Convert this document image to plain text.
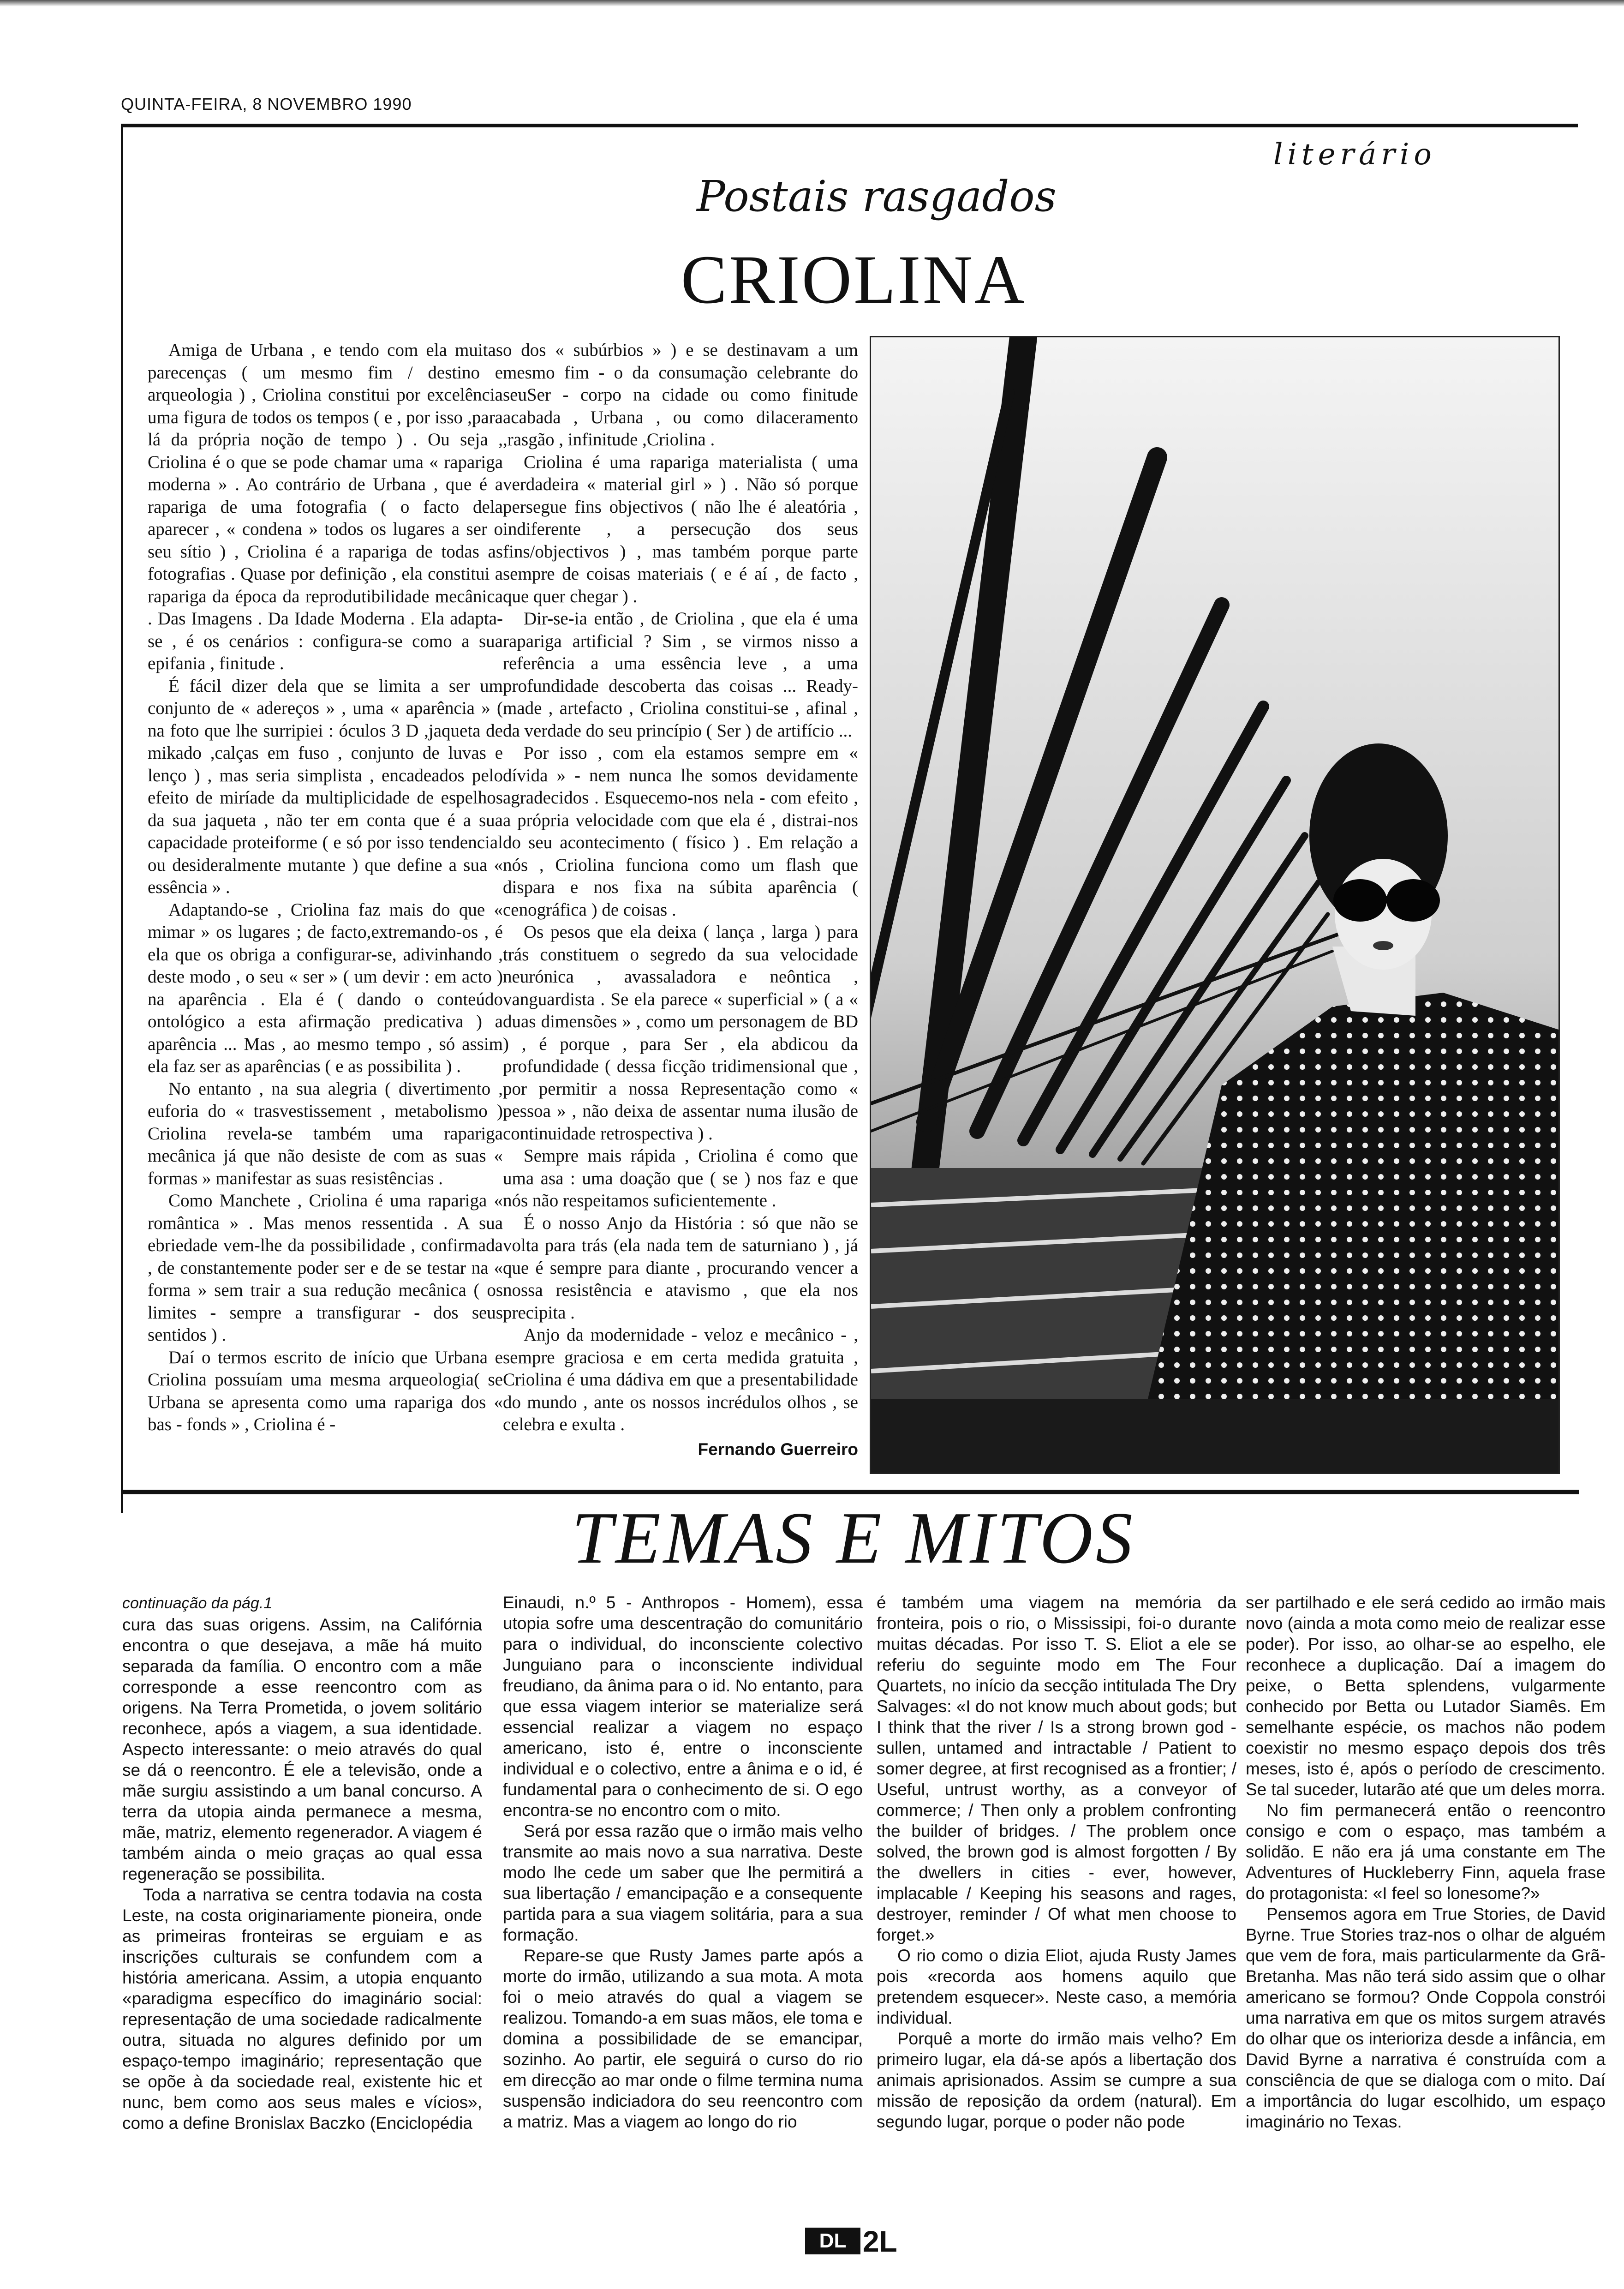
QUINTA-FEIRA, 8 NOVEMBRO 1990
literário
Postais rasgados
CRIOLINA

Amiga de Urbana , e tendo com ela muitas parecenças ( um mesmo fim / destino e arqueologia ) , Criolina constitui por excelência uma figura de todos os tempos ( e , por isso ,para lá da própria noção de tempo ) . Ou seja , Criolina é o que se pode chamar uma « rapariga moderna » . Ao contrário de Urbana , que é a rapariga de uma fotografia ( o facto dela aparecer , « condena » todos os lugares a ser o seu sítio ) , Criolina é a rapariga de todas as fotografias . Quase por definição , ela constitui a rapariga da época da reprodutibilidade mecânica . Das Imagens . Da Idade Moderna . Ela adapta-se , é os cenários : configura-se como a sua epifania , finitude .

É fácil dizer dela que se limita a ser um conjunto de « adereços » , uma « aparência » ( na foto que lhe surripiei : óculos 3 D ,jaqueta de mikado ,calças em fuso , conjunto de luvas e lenço ) , mas seria simplista , encadeados pelo efeito de miríade da multiplicidade de espelhos da sua jaqueta , não ter em conta que é a sua capacidade proteiforme ( e só por isso tendencial ou desideralmente mutante ) que define a sua « essência » .

Adaptando-se , Criolina faz mais do que « mimar » os lugares ; de facto,extremando-os , é ela que os obriga a configurar-se, adivinhando , deste modo , o seu « ser » ( um devir : em acto ) na aparência . Ela é ( dando o conteúdo ontológico a esta afirmação predicativa ) a aparência ... Mas , ao mesmo tempo , só assim ela faz ser as aparências ( e as possibilita ) .

No entanto , na sua alegria ( divertimento , euforia do « trasvestissement , metabolismo ) Criolina revela-se também uma rapariga mecânica já que não desiste de com as suas « formas » manifestar as suas resistências .

Como Manchete , Criolina é uma rapariga « romântica » . Mas menos ressentida . A sua ebriedade vem-lhe da possibilidade , confirmada , de constantemente poder ser e de se testar na « forma » sem trair a sua redução mecânica ( os limites - sempre a transfigurar - dos seus sentidos ) .

Daí o termos escrito de início que Urbana e Criolina possuíam uma mesma arqueologia( se Urbana se apresenta como uma rapariga dos « bas - fonds » , Criolina é -

o dos « subúrbios » ) e se destinavam a um mesmo fim - o da consumação celebrante do seuSer - corpo na cidade ou como finitude acabada , Urbana , ou como dilaceramento ,rasgão , infinitude ,Criolina .

Criolina é uma rapariga materialista ( uma verdadeira « material girl » ) . Não só porque persegue fins objectivos ( não lhe é aleatória , indiferente , a persecução dos seus fins/objectivos ) , mas também porque parte sempre de coisas materiais ( e é aí , de facto , que quer chegar ) .

Dir-se-ia então , de Criolina , que ela é uma rapariga artificial ? Sim , se virmos nisso a referência a uma essência leve , a uma profundidade descoberta das coisas ... Ready-made , artefacto , Criolina constitui-se , afinal , da verdade do seu princípio ( Ser ) de artifício ...

Por isso , com ela estamos sempre em « dívida » - nem nunca lhe somos devidamente agradecidos . Esquecemo-nos nela - com efeito , a própria velocidade com que ela é , distrai-nos do seu acontecimento ( físico ) . Em relação a nós , Criolina funciona como um flash que dispara e nos fixa na súbita aparência ( cenográfica ) de coisas .

Os pesos que ela deixa ( lança , larga ) para trás constituem o segredo da sua velocidade neurónica , avassaladora e neôntica , vanguardista . Se ela parece « superficial » ( a « duas dimensões » , como um personagem de BD ) , é porque , para Ser , ela abdicou da profundidade ( dessa ficção tridimensional que , por permitir a nossa Representação como « pessoa » , não deixa de assentar numa ilusão de continuidade retrospectiva ) .

Sempre mais rápida , Criolina é como que uma asa : uma doação que ( se ) nos faz e que nós não respeitamos suficientemente .

É o nosso Anjo da História : só que não se volta para trás (ela nada tem de saturniano ) , já que é sempre para diante , procurando vencer a nossa resistência e atavismo , que ela nos precipita .

Anjo da modernidade - veloz e mecânico - , sempre graciosa e em certa medida gratuita , Criolina é uma dádiva em que a presentabilidade do mundo , ante os nossos incrédulos olhos , se celebra e exulta .

Fernando Guerreiro
TEMAS E MITOS
continuação da pág.1

cura das suas origens. Assim, na Califórnia encontra o que desejava, a mãe há muito separada da família. O encontro com a mãe corresponde a esse reencontro com as origens. Na Terra Prometida, o jovem solitário reconhece, após a viagem, a sua identidade. Aspecto interessante: o meio através do qual se dá o reencontro. É ele a televisão, onde a mãe surgiu assistindo a um banal concurso. A terra da utopia ainda permanece a mesma, mãe, matriz, elemento regenerador. A viagem é também ainda o meio graças ao qual essa regeneração se possibilita.

Toda a narrativa se centra todavia na costa Leste, na costa originariamente pioneira, onde as primeiras fronteiras se erguiam e as inscrições culturais se confundem com a história americana. Assim, a utopia enquanto «paradigma específico do imaginário social: representação de uma sociedade radicalmente outra, situada no algures definido por um espaço-tempo imaginário; representação que se opõe à da sociedade real, existente hic et nunc, bem como aos seus males e vícios», como a define Bronislax Baczko (Enciclopédia

Einaudi, n.º 5 - Anthropos - Homem), essa utopia sofre uma descentração do comunitário para o individual, do inconsciente colectivo Junguiano para o inconsciente individual freudiano, da ânima para o id. No entanto, para que essa viagem interior se materialize será essencial realizar a viagem no espaço americano, isto é, entre o inconsciente individual e o colectivo, entre a ânima e o id, é fundamental para o conhecimento de si. O ego encontra-se no encontro com o mito.

Será por essa razão que o irmão mais velho transmite ao mais novo a sua narrativa. Deste modo lhe cede um saber que lhe permitirá a sua libertação / emancipação e a consequente partida para a sua viagem solitária, para a sua formação.

Repare-se que Rusty James parte após a morte do irmão, utilizando a sua mota. A mota foi o meio através do qual a viagem se realizou. Tomando-a em suas mãos, ele toma e domina a possibilidade de se emancipar, sozinho. Ao partir, ele seguirá o curso do rio em direcção ao mar onde o filme termina numa suspensão indiciadora do seu reencontro com a matriz. Mas a viagem ao longo do rio

é também uma viagem na memória da fronteira, pois o rio, o Mississipi, foi-o durante muitas décadas. Por isso T. S. Eliot a ele se referiu do seguinte modo em The Four Quartets, no início da secção intitulada The Dry Salvages: «I do not know much about gods; but I think that the river / Is a strong brown god - sullen, untamed and intractable / Patient to somer degree, at first recognised as a frontier; / Useful, untrust worthy, as a conveyor of commerce; / Then only a problem confronting the builder of bridges. / The problem once solved, the brown god is almost forgotten / By the dwellers in cities - ever, however, implacable / Keeping his seasons and rages, destroyer, reminder / Of what men choose to forget.»

O rio como o dizia Eliot, ajuda Rusty James pois «recorda aos homens aquilo que pretendem esquecer». Neste caso, a memória individual.

Porquê a morte do irmão mais velho? Em primeiro lugar, ela dá-se após a libertação dos animais aprisionados. Assim se cumpre a sua missão de reposição da ordem (natural). Em segundo lugar, porque o poder não pode

ser partilhado e ele será cedido ao irmão mais novo (ainda a mota como meio de realizar esse poder). Por isso, ao olhar-se ao espelho, ele reconhece a duplicação. Daí a imagem do peixe, o Betta splendens, vulgarmente conhecido por Betta ou Lutador Siamês. Em semelhante espécie, os machos não podem coexistir no mesmo espaço depois dos três meses, isto é, após o período de crescimento. Se tal suceder, lutarão até que um deles morra.

No fim permanecerá então o reencontro consigo e com o espaço, mas também a solidão. E não era já uma constante em The Adventures of Huckleberry Finn, aquela frase do protagonista: «I feel so lonesome?»

Pensemos agora em True Stories, de David Byrne. True Stories traz-nos o olhar de alguém que vem de fora, mais particularmente da Grã-Bretanha. Mas não terá sido assim que o olhar americano se formou? Onde Coppola constrói uma narrativa em que os mitos surgem através do olhar que os interioriza desde a infância, em David Byrne a narrativa é construída com a consciência de que se dialoga com o mito. Daí a importância do lugar escolhido, um espaço imaginário no Texas.

DL 2L
